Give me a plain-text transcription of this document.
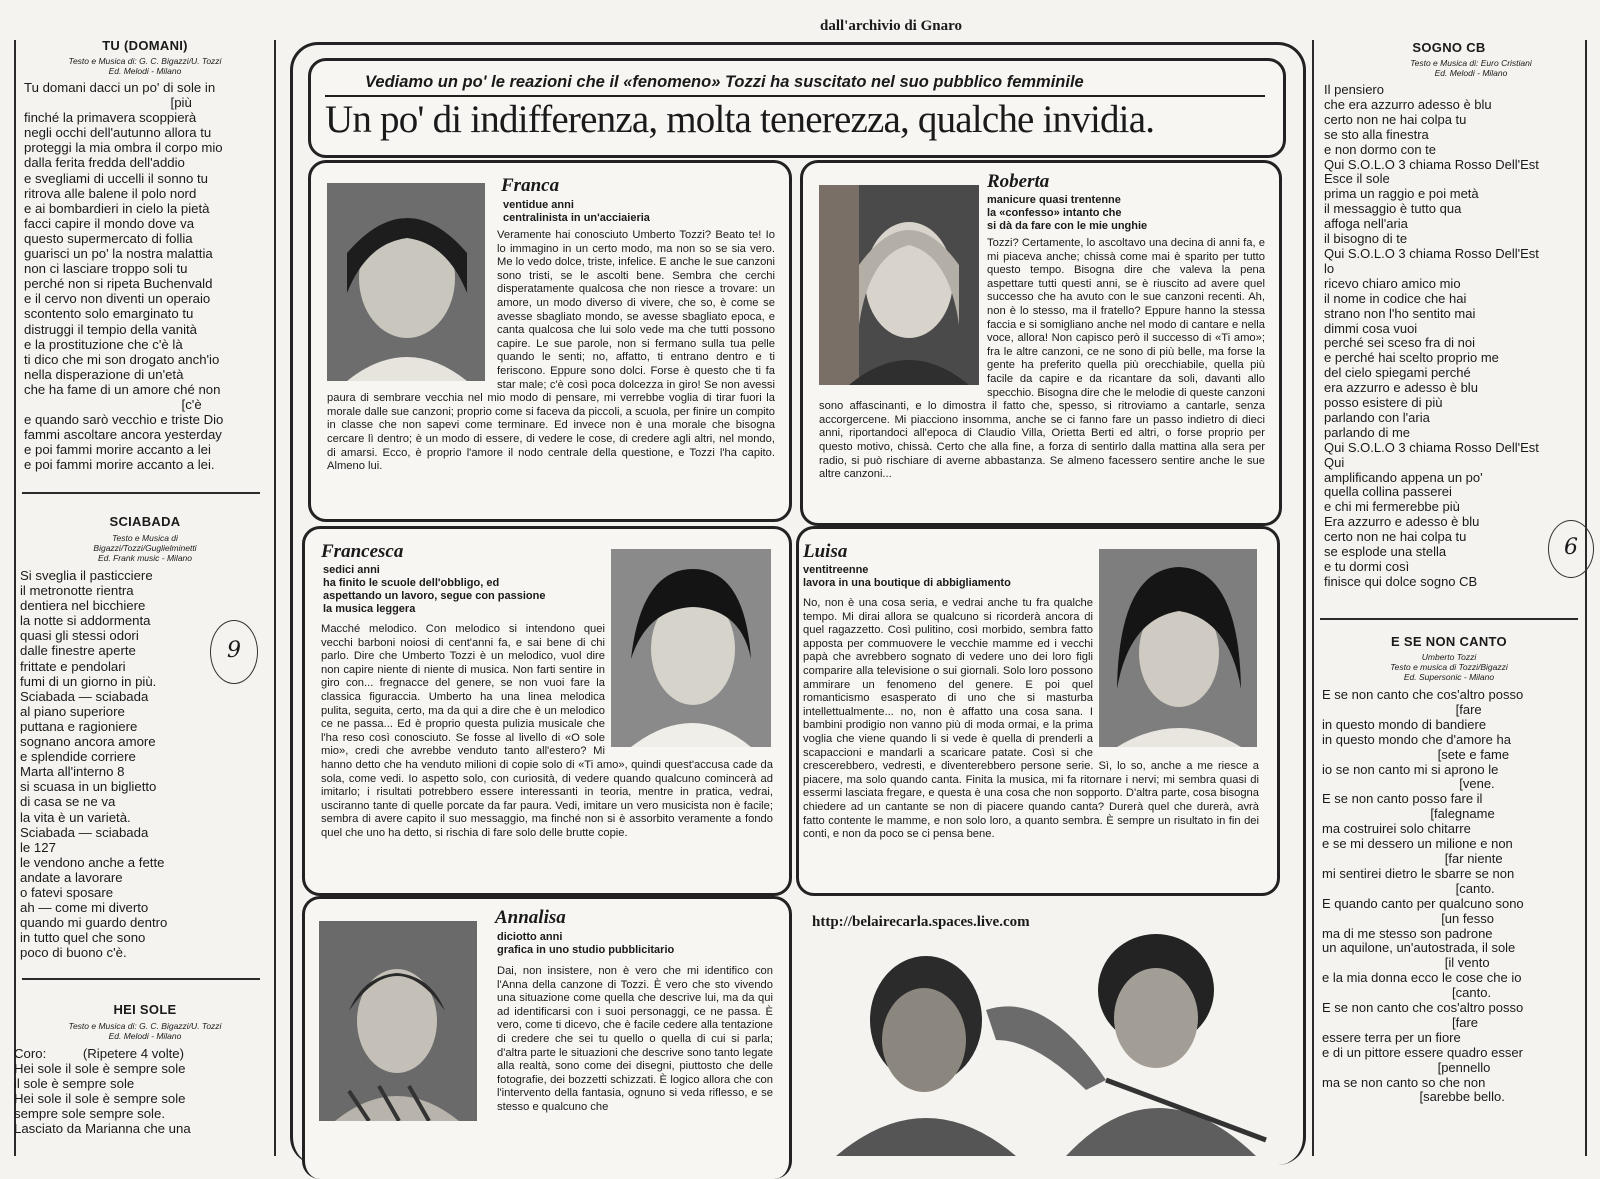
dall'archivio di Gnaro
TU (DOMANI)
Testo e Musica di: G. C. Bigazzi/U. Tozzi
Ed. Melodi - Milano
Tu domani dacci un po' di sole in
[più
finché la primavera scoppierà
negli occhi dell'autunno allora tu
proteggi la mia ombra il corpo mio
dalla ferita fredda dell'addio
e svegliami di uccelli il sonno tu
ritrova alle balene il polo nord
e ai bombardieri in cielo la pietà
facci capire il mondo dove va
questo supermercato di follia
guarisci un po' la nostra malattia
non ci lasciare troppo soli tu
perché non si ripeta Buchenvald
e il cervo non diventi un operaio
scontento solo emarginato tu
distruggi il tempio della vanità
e la prostituzione che c'è là
ti dico che mi son drogato anch'io
nella disperazione di un'età
che ha fame di un amore ché non
[c'è
e quando sarò vecchio e triste Dio
fammi ascoltare ancora yesterday
e poi fammi morire accanto a lei
e poi fammi morire accanto a lei.
SCIABADA
Testo e Musica di
Bigazzi/Tozzi/Guglielminetti
Ed. Frank music - Milano
Si sveglia il pasticciere
il metronotte rientra
dentiera nel bicchiere
la notte si addormenta
quasi gli stessi odori
dalle finestre aperte
frittate e pendolari
fumi di un giorno in più.
Sciabada — sciabada
al piano superiore
puttana e ragioniere
sognano ancora amore
e splendide corriere
Marta all'interno 8
si scuasa in un biglietto
di casa se ne va
la vita è un varietà.
Sciabada — sciabada
le 127
le vendono anche a fette
andate a lavorare
o fatevi sposare
ah — come mi diverto
quando mi guardo dentro
in tutto quel che sono
poco di buono c'è.
HEI SOLE
Testo e Musica di: G. C. Bigazzi/U. Tozzi
Ed. Melodi - Milano
Coro:          (Ripetere 4 volte)
Hei sole il sole è sempre sole
il sole è sempre sole
Hei sole il sole è sempre sole
sempre sole sempre sole.
Lasciato da Marianna che una
9
Vediamo un po' le reazioni che il «fenomeno» Tozzi ha suscitato nel suo pubblico femminile
Un po' di indifferenza, molta tenerezza, qualche invidia.
Franca
ventidue anni
centralinista in un'acciaieria
Veramente hai conosciuto Umberto Tozzi? Beato te! Io lo immagino in un certo modo, ma non so se sia vero. Me lo vedo dolce, triste, infelice. E anche le sue canzoni sono tristi, se le ascolti bene. Sembra che cerchi disperatamente qualcosa che non riesce a trovare: un amore, un modo diverso di vivere, che so, è come se avesse sbagliato mondo, se avesse sbagliato epoca, e canta qualcosa che lui solo vede ma che tutti possono capire. Le sue parole, non si fermano sulla tua pelle quando le senti; no, affatto, ti entrano dentro e ti feriscono. Eppure sono dolci. Forse è questo che ti fa star male; c'è così poca dolcezza in giro! Se non avessi paura di sembrare vecchia nel mio modo di pensare, mi verrebbe voglia di tirar fuori la morale dalle sue canzoni; proprio come si faceva da piccoli, a scuola, per finire un compito in classe che non sapevi come terminare. Ed invece non è una morale che bisogna cercare lì dentro; è un modo di essere, di vedere le cose, di credere agli altri, nel mondo, di amarsi. Ecco, è proprio l'amore il nodo centrale della questione, e Tozzi l'ha capito. Almeno lui.
Roberta
manicure quasi trentenne
la «confesso» intanto che
si dà da fare con le mie unghie
Tozzi? Certamente, lo ascoltavo una decina di anni fa, e mi piaceva anche; chissà come mai è sparito per tutto questo tempo. Bisogna dire che valeva la pena aspettare tutti questi anni, se è riuscito ad avere quel successo che ha avuto con le sue canzoni recenti. Ah, non è lo stesso, ma il fratello? Eppure hanno la stessa faccia e si somigliano anche nel modo di cantare e nella voce, allora! Non capisco però il successo di «Ti amo»; fra le altre canzoni, ce ne sono di più belle, ma forse la gente ha preferito quella più orecchiabile, quella più facile da capire e da ricantare da soli, davanti allo specchio. Bisogna dire che le melodie di queste canzoni sono affascinanti, e lo dimostra il fatto che, spesso, si ritroviamo a cantarle, senza accorgercene. Mi piacciono insomma, anche se ci fanno fare un passo indietro di dieci anni, riportandoci all'epoca di Claudio Villa, Orietta Berti ed altri, o forse proprio per questo motivo, chissà. Certo che alla fine, a forza di sentirlo dalla mattina alla sera per radio, si può rischiare di averne abbastanza. Se almeno facessero sentire anche le sue altre canzoni...
Francesca
sedici anni
ha finito le scuole dell'obbligo, ed
aspettando un lavoro, segue con passione
la musica leggera
Macché melodico. Con melodico si intendono quei vecchi barboni noiosi di cent'anni fa, e sai bene di chi parlo. Dire che Umberto Tozzi è un melodico, vuol dire non capire niente di niente di musica. Non farti sentire in giro con... fregnacce del genere, se non vuoi fare la classica figuraccia. Umberto ha una linea melodica pulita, seguita, certo, ma da qui a dire che è un melodico ce ne passa... Ed è proprio questa pulizia musicale che l'ha reso così conosciuto. Se fosse al livello di «O sole mio», credi che avrebbe venduto tanto all'estero? Mi hanno detto che ha venduto milioni di copie solo di «Ti amo», quindi quest'accusa cade da sola, come vedi. Io aspetto solo, con curiosità, di vedere quando qualcuno comincerà ad imitarlo; i risultati potrebbero essere interessanti in teoria, mentre in pratica, vedrai, usciranno tante di quelle porcate da far paura. Vedi, imitare un vero musicista non è facile; sembra di avere capito il suo messaggio, ma finché non si è assorbito veramente a fondo quel che uno ha detto, si rischia di fare solo delle brutte copie.
Luisa
ventitreenne
lavora in una boutique di abbigliamento
No, non è una cosa seria, e vedrai anche tu fra qualche tempo. Mi dirai allora se qualcuno si ricorderà ancora di quel ragazzetto. Così pulitino, così morbido, sembra fatto apposta per commuovere le vecchie mamme ed i vecchi papà che avrebbero sognato di vedere uno dei loro figli comparire alla televisione o sui giornali. Solo loro possono ammirare un fenomeno del genere. E poi quel romanticismo esasperato di uno che si masturba intellettualmente... no, non è affatto una cosa sana. I bambini prodigio non vanno più di moda ormai, e la prima voglia che viene quando li si vede è quella di prenderli a scapaccioni e mandarli a scaricare patate. Così si che crescerebbero, vedresti, e diventerebbero persone serie. Sì, lo so, anche a me riesce a piacere, ma solo quando canta. Finita la musica, mi fa ritornare i nervi; mi sembra quasi di essermi lasciata fregare, e questa è una cosa che non sopporto. D'altra parte, cosa bisogna chiedere ad un cantante se non di piacere quando canta? Durerà quel che durerà, avrà fatto contente le mamme, e non solo loro, a quanto sembra. È sempre un risultato in fin dei conti, e non da poco se ci pensa bene.
Annalisa
diciotto anni
grafica in uno studio pubblicitario
Dai, non insistere, non è vero che mi identifico con l'Anna della canzone di Tozzi. È vero che sto vivendo una situazione come quella che descrive lui, ma da qui ad identificarsi con i suoi personaggi, ce ne passa. È vero, come ti dicevo, che è facile cedere alla tentazione di credere che sei tu quello o quella di cui si parla; d'altra parte le situazioni che descrive sono tanto legate alla realtà, sono come dei disegni, piuttosto che delle fotografie, dei bozzetti schizzati. È logico allora che con l'intervento della fantasia, ognuno si veda riflesso, e se stesso e qualcuno che
http://belairecarla.spaces.live.com
SOGNO CB
Testo e Musica di: Euro Cristiani
Ed. Melodi - Milano
Il pensiero
che era azzurro adesso è blu
certo non ne hai colpa tu
se sto alla finestra
e non dormo con te
Qui S.O.L.O 3 chiama Rosso Dell'Est
Esce il sole
prima un raggio e poi metà
il messaggio è tutto qua
affoga nell'aria
il bisogno di te
Qui S.O.L.O 3 chiama Rosso Dell'Est
lo
ricevo chiaro amico mio
il nome in codice che hai
strano non l'ho sentito mai
dimmi cosa vuoi
perché sei sceso fra di noi
e perché hai scelto proprio me
del cielo spiegami perché
era azzurro e adesso è blu
posso esistere di più
parlando con l'aria
parlando di me
Qui S.O.L.O 3 chiama Rosso Dell'Est
Qui
amplificando appena un po'
quella collina passerei
e chi mi fermerebbe più
Era azzurro e adesso è blu
certo non ne hai colpa tu
se esplode una stella
e tu dormi così
finisce qui dolce sogno CB
E SE NON CANTO
Umberto Tozzi
Testo e musica di Tozzi/Bigazzi
Ed. Supersonic - Milano
E se non canto che cos'altro posso
[fare
in questo mondo di bandiere
in questo mondo che d'amore ha
[sete e fame
io se non canto mi si aprono le
[vene.
E se non canto posso fare il
[falegname
ma costruirei solo chitarre
e se mi dessero un milione e non
[far niente
mi sentirei dietro le sbarre se non
[canto.
E quando canto per qualcuno sono
[un fesso
ma di me stesso son padrone
un aquilone, un'autostrada, il sole
[il vento
e la mia donna ecco le cose che io
[canto.
E se non canto che cos'altro posso
[fare
essere terra per un fiore
e di un pittore essere quadro esser
[pennello
ma se non canto so che non
[sarebbe bello.
6
